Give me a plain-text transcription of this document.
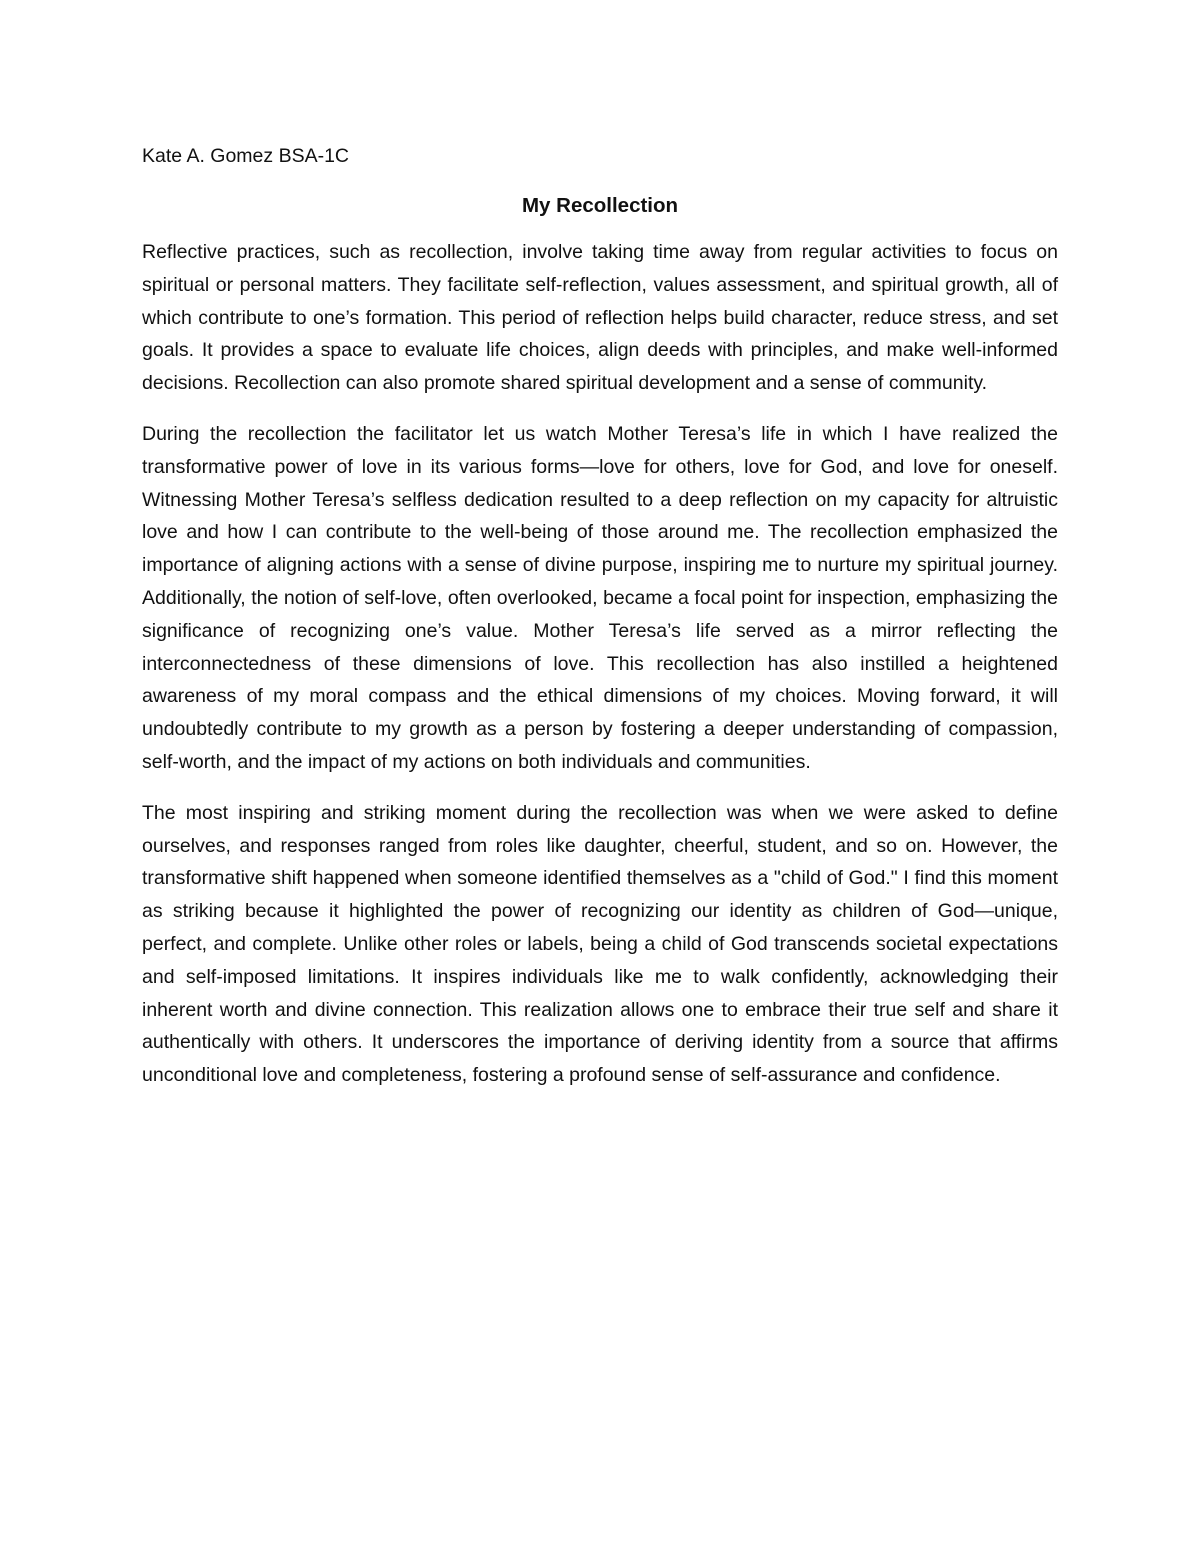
Kate A. Gomez BSA-1C

My Recollection

Reflective practices, such as recollection, involve taking time away from regular activities to focus on spiritual or personal matters. They facilitate self-reflection, values assessment, and spiritual growth, all of which contribute to one’s formation. This period of reflection helps build character, reduce stress, and set goals. It provides a space to evaluate life choices, align deeds with principles, and make well-informed decisions. Recollection can also promote shared spiritual development and a sense of community.

During the recollection the facilitator let us watch Mother Teresa’s life in which I have realized the transformative power of love in its various forms—love for others, love for God, and love for oneself. Witnessing Mother Teresa’s selfless dedication resulted to a deep reflection on my capacity for altruistic love and how I can contribute to the well-being of those around me. The recollection emphasized the importance of aligning actions with a sense of divine purpose, inspiring me to nurture my spiritual journey. Additionally, the notion of self-love, often overlooked, became a focal point for inspection, emphasizing the significance of recognizing one’s value. Mother Teresa’s life served as a mirror reflecting the interconnectedness of these dimensions of love. This recollection has also instilled a heightened awareness of my moral compass and the ethical dimensions of my choices. Moving forward, it will undoubtedly contribute to my growth as a person by fostering a deeper understanding of compassion, self-worth, and the impact of my actions on both individuals and communities.

The most inspiring and striking moment during the recollection was when we were asked to define ourselves, and responses ranged from roles like daughter, cheerful, student, and so on. However, the transformative shift happened when someone identified themselves as a "child of God." I find this moment as striking because it highlighted the power of recognizing our identity as children of God—unique, perfect, and complete. Unlike other roles or labels, being a child of God transcends societal expectations and self-imposed limitations. It inspires individuals like me to walk confidently, acknowledging their inherent worth and divine connection. This realization allows one to embrace their true self and share it authentically with others. It underscores the importance of deriving identity from a source that affirms unconditional love and completeness, fostering a profound sense of self-assurance and confidence.
